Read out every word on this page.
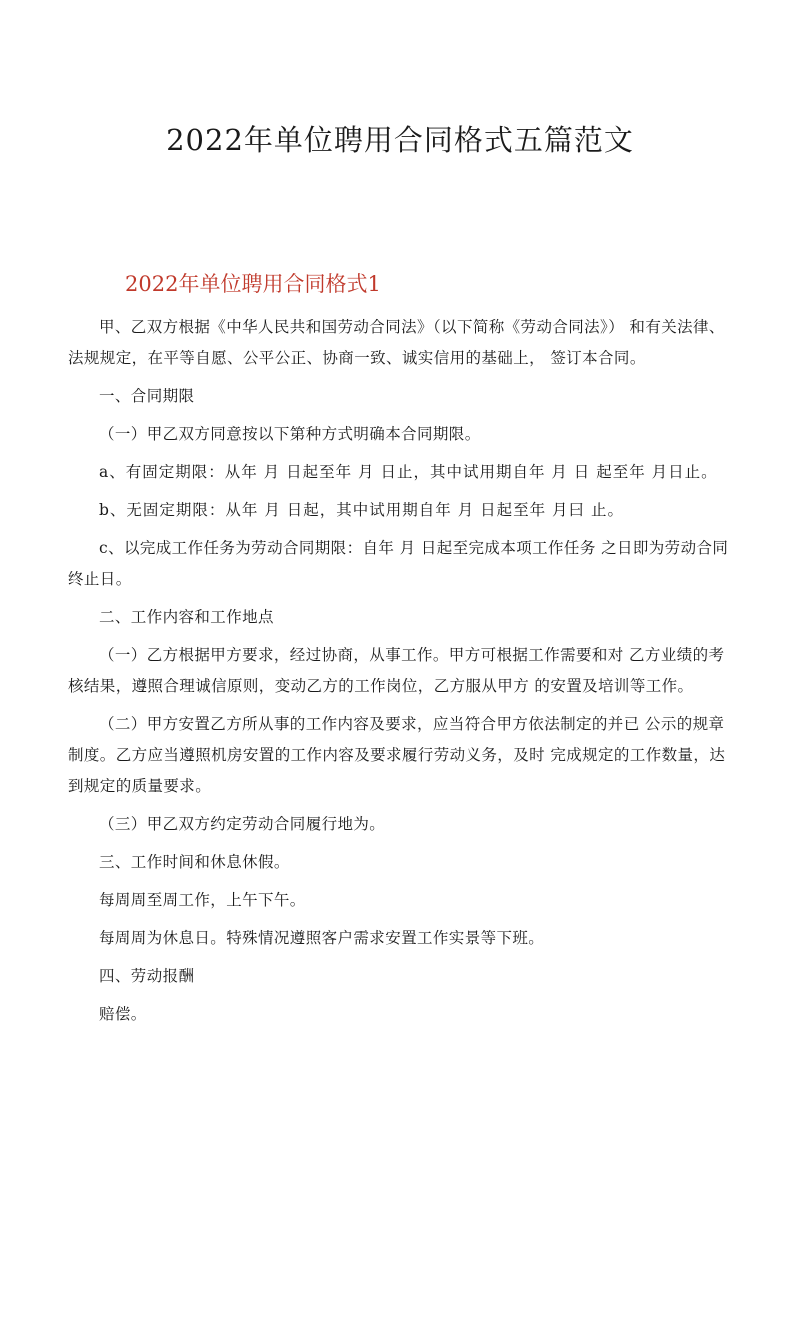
2022年单位聘用合同格式五篇范文
2022年单位聘用合同格式1

甲、乙双方根据《中华人民共和国劳动合同法》（以下简称《劳动合同法》） 和有关法律、法规规定，在平等自愿、公平公正、协商一致、诚实信用的基础上， 签订本合同。

一、合同期限

（一）甲乙双方同意按以下第种方式明确本合同期限。

a、有固定期限：从年 月 日起至年 月 日止，其中试用期自年 月 日 起至年 月日止。

b、无固定期限：从年 月 日起，其中试用期自年 月 日起至年 月曰 止。

c、以完成工作任务为劳动合同期限：自年 月 日起至完成本项工作任务 之日即为劳动合同终止日。

二、工作内容和工作地点

（一）乙方根据甲方要求，经过协商，从事工作。甲方可根据工作需要和对 乙方业绩的考核结果，遵照合理诚信原则，变动乙方的工作岗位，乙方服从甲方 的安置及培训等工作。

（二）甲方安置乙方所从事的工作内容及要求，应当符合甲方依法制定的并已 公示的规章制度。乙方应当遵照机房安置的工作内容及要求履行劳动义务，及时 完成规定的工作数量，达到规定的质量要求。

（三）甲乙双方约定劳动合同履行地为。

三、工作时间和休息休假。

每周周至周工作，上午下午。

每周周为休息日。特殊情况遵照客户需求安置工作实景等下班。

四、劳动报酬

赔偿。
